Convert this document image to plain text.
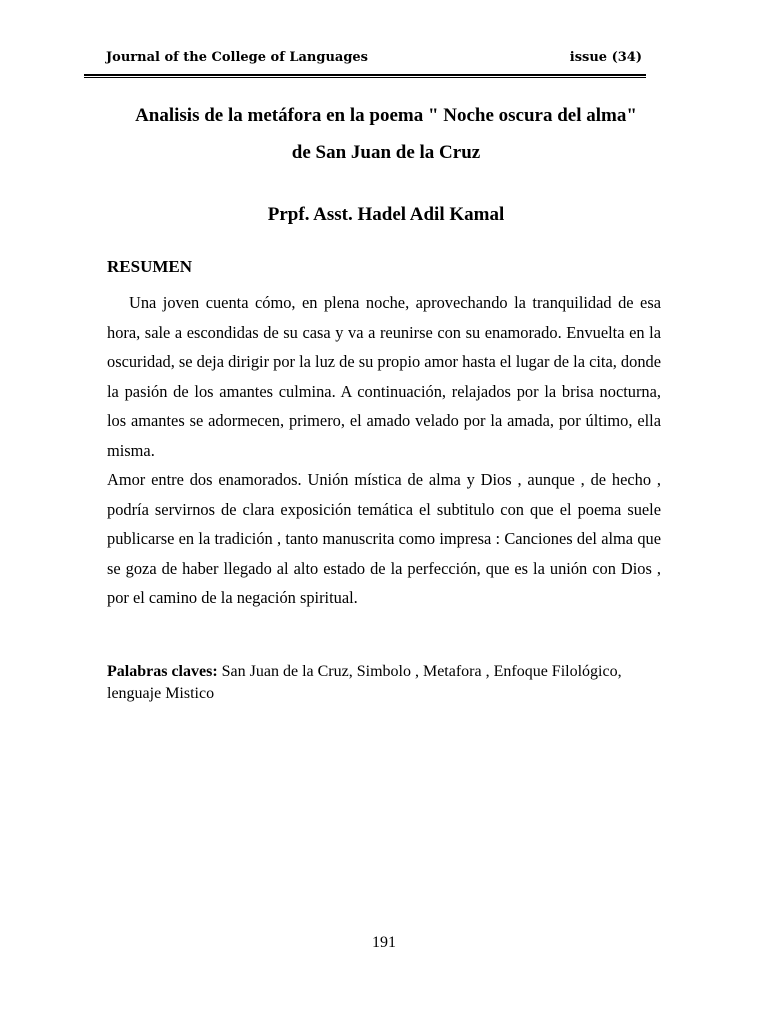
Journal of the College of Languages	issue (34)
Analisis de la metáfora en la poema " Noche oscura del alma"
de San Juan de la Cruz
Prpf. Asst. Hadel Adil Kamal
RESUMEN

Una joven cuenta cómo, en plena noche, aprovechando la tranquilidad de esa hora, sale a escondidas de su casa y va a reunirse con su enamorado. Envuelta en la oscuridad, se deja dirigir por la luz de su propio amor hasta el lugar de la cita, donde la pasión de los amantes culmina. A continuación, relajados por la brisa nocturna, los amantes se adormecen, primero, el amado velado por la amada, por último, ella misma.

Amor entre dos enamorados. Unión mística de alma y Dios , aunque , de hecho , podría servirnos de clara exposición temática el subtitulo con que el poema suele publicarse en la tradición , tanto manuscrita como impresa : Canciones del alma que se goza de haber llegado al alto estado de la perfección, que es la unión con Dios , por el camino de la negación spiritual.

Palabras claves: San Juan de la Cruz, Simbolo , Metafora , Enfoque Filológico, lenguaje Mistico
191
